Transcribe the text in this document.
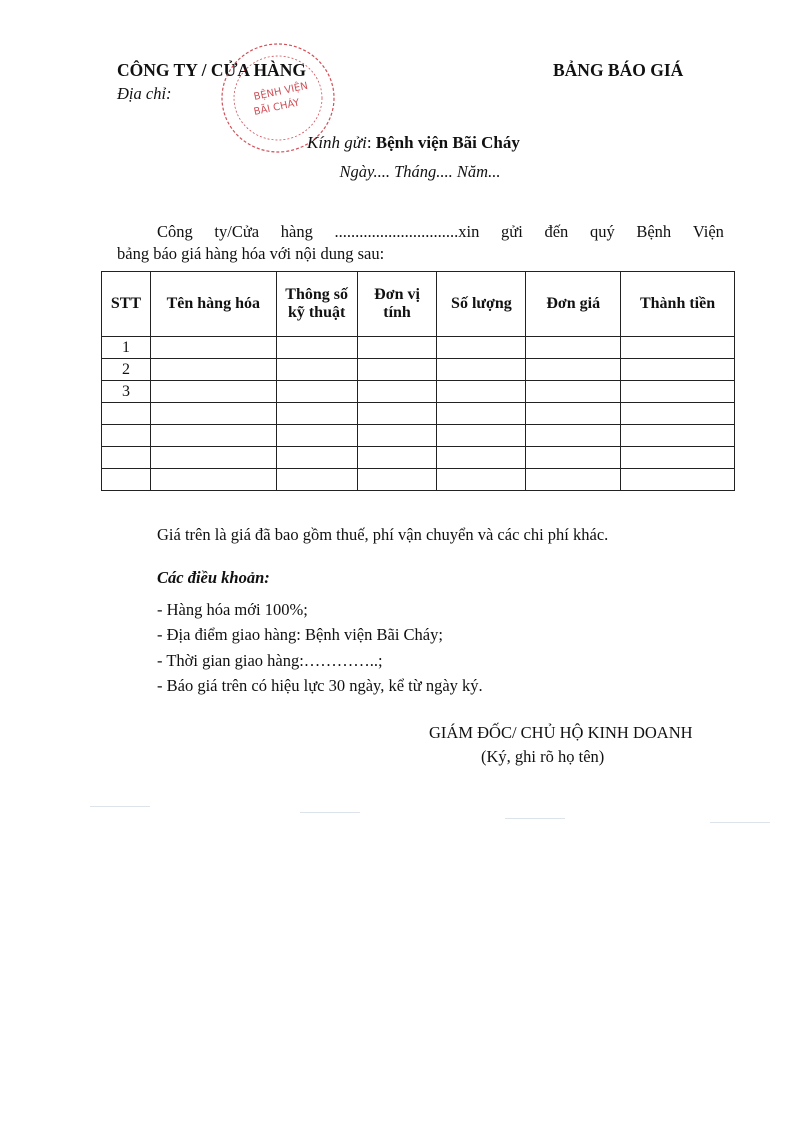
CÔNG TY / CỬA HÀNG
Địa chỉ:
BẢNG BÁO GIÁ
BỆNH VIỆN
BÃI CHÁY
Kính gửi: Bệnh viện Bãi Cháy
Ngày.... Tháng.... Năm...
Công ty/Cửa hàng ..............................xin gửi đến quý Bệnh Viện
bảng báo giá hàng hóa với nội dung sau:
STT	Tên hàng hóa	Thông số kỹ thuật	Đơn vị tính	Số lượng	Đơn giá	Thành tiền
1						
2						
3						

Giá trên là giá đã bao gồm thuế, phí vận chuyển và các chi phí khác.
Các điều khoản:
- Hàng hóa mới 100%;
- Địa điểm giao hàng: Bệnh viện Bãi Cháy;
- Thời gian giao hàng:…………..;
- Báo giá trên có hiệu lực 30 ngày, kể từ ngày ký.
GIÁM ĐỐC/ CHỦ HỘ KINH DOANH
(Ký, ghi rõ họ tên)
